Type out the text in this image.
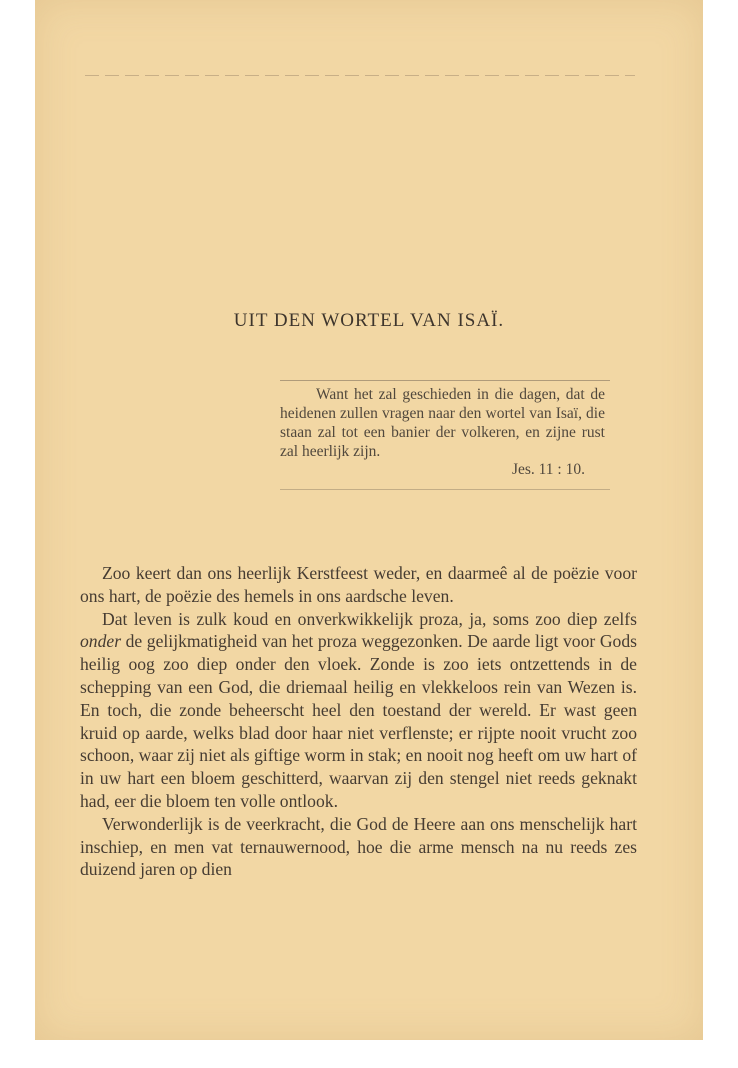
UIT DEN WORTEL VAN ISAÏ.

Want het zal geschieden in die dagen, dat de heidenen zullen vragen naar den wortel van Isaï, die staan zal tot een banier der volkeren, en zijne rust zal heerlijk zijn.

Jes. 11 : 10.

Zoo keert dan ons heerlijk Kerstfeest weder, en daarmeê al de poëzie voor ons hart, de poëzie des hemels in ons aardsche leven.

Dat leven is zulk koud en onverkwikkelijk proza, ja, soms zoo diep zelfs onder de gelijkmatigheid van het proza weggezonken. De aarde ligt voor Gods heilig oog zoo diep onder den vloek. Zonde is zoo iets ontzettends in de schepping van een God, die driemaal heilig en vlekkeloos rein van Wezen is. En toch, die zonde beheerscht heel den toestand der wereld. Er wast geen kruid op aarde, welks blad door haar niet verflenste; er rijpte nooit vrucht zoo schoon, waar zij niet als giftige worm in stak; en nooit nog heeft om uw hart of in uw hart een bloem geschitterd, waarvan zij den stengel niet reeds geknakt had, eer die bloem ten volle ontlook.

Verwonderlijk is de veerkracht, die God de Heere aan ons menschelijk hart inschiep, en men vat ternauwernood, hoe die arme mensch na nu reeds zes duizend jaren op dien
